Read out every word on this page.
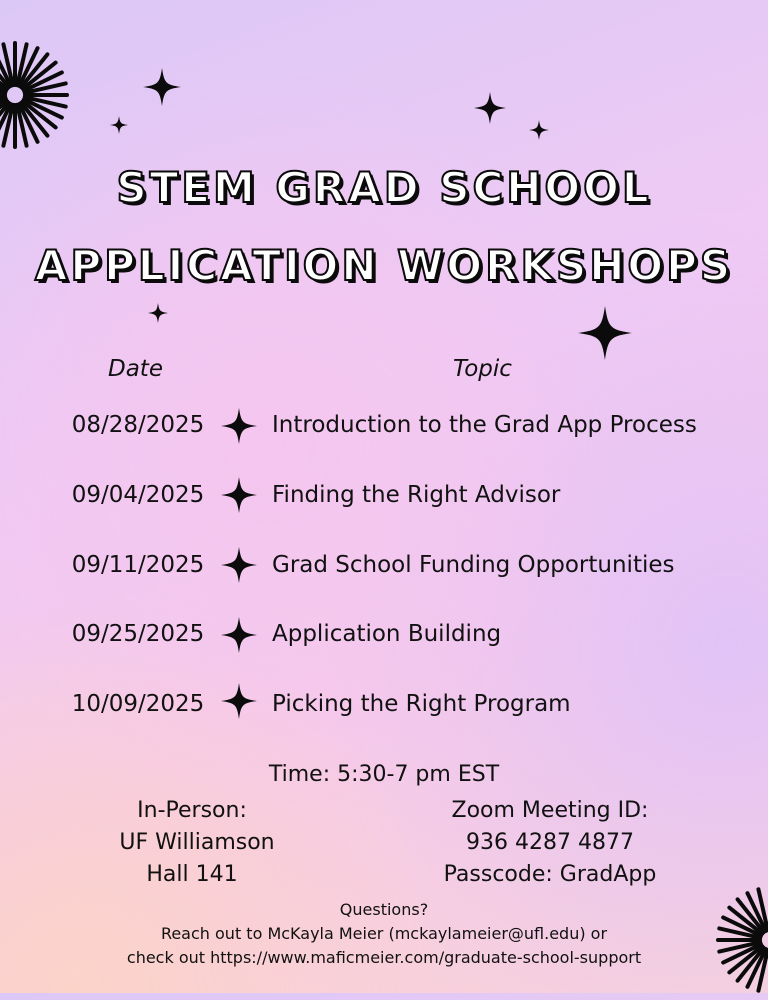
STEM GRAD SCHOOL
APPLICATION WORKSHOPS
Date	Topic
08/28/2025	Introduction to the Grad App Process
09/04/2025	Finding the Right Advisor
09/11/2025	Grad School Funding Opportunities
09/25/2025	Application Building
10/09/2025	Picking the Right Program
Time: 5:30-7 pm EST
In-Person:
UF Williamson
Hall 141
Zoom Meeting ID:
936 4287 4877
Passcode: GradApp
Questions?
Reach out to McKayla Meier (mckaylameier@ufl.edu) or
check out https://www.maficmeier.com/graduate-school-support
